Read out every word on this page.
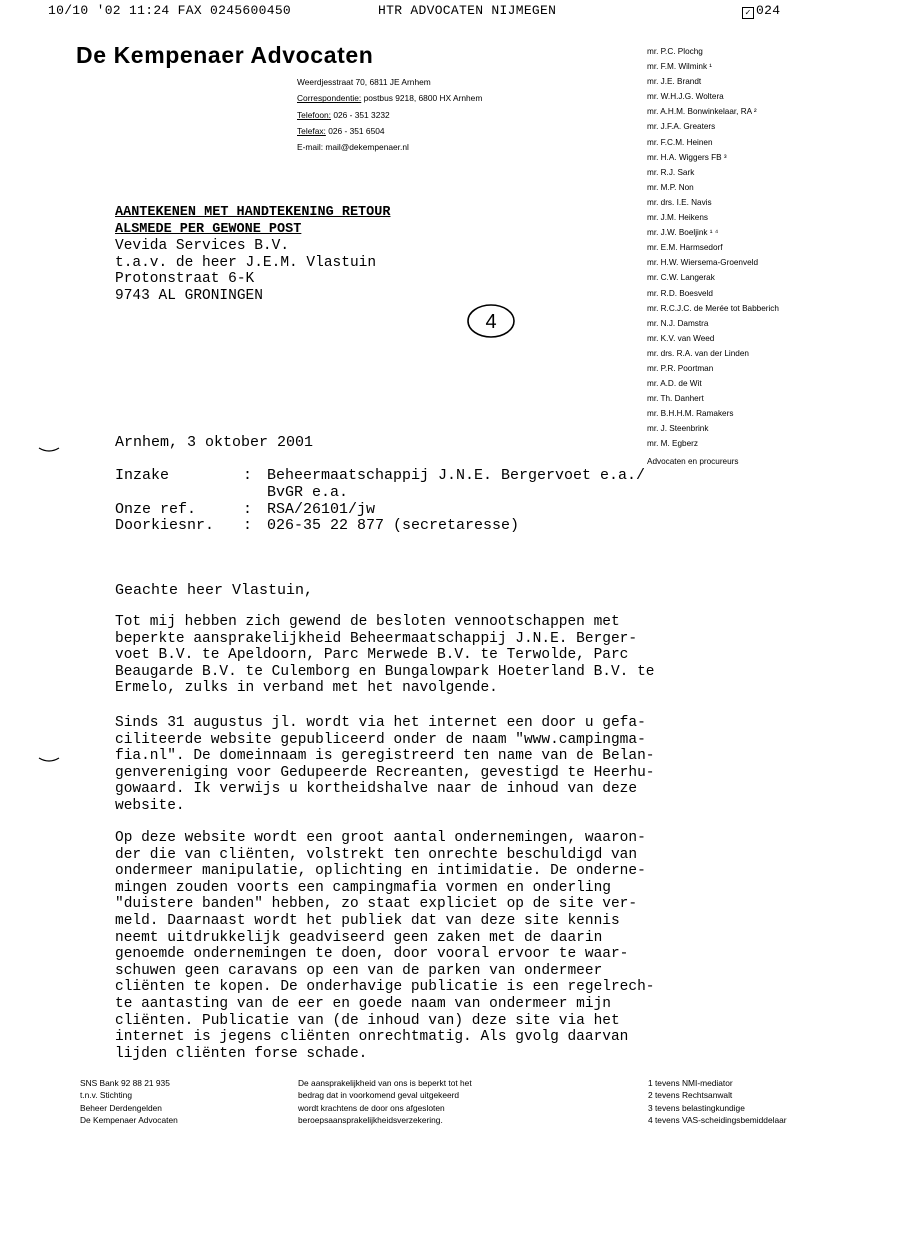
10/10 '02 11:24 FAX 0245600450	HTR ADVOCATEN NIJMEGEN	✓ 024
De Kempenaer Advocaten
Weerdjesstraat 70, 6811 JE Arnhem
Correspondentie: postbus 9218, 6800 HX Arnhem
Telefoon: 026 - 351 3232
Telefax: 026 - 351 6504
E-mail: mail@dekempenaer.nl
mr. P.C. Plochg
mr. F.M. Wilmink ¹
mr. J.E. Brandt
mr. W.H.J.G. Woltera
mr. A.H.M. Bonwinkelaar, RA ²
mr. J.F.A. Greaters
mr. F.C.M. Heinen
mr. H.A. Wiggers FB ³
mr. R.J. Sark
mr. M.P. Non
mr. drs. I.E. Navis
mr. J.M. Heikens
mr. J.W. Boeljink ¹ ⁴
mr. E.M. Harmsedorf
mr. H.W. Wiersema-Groenveld
mr. C.W. Langerak
mr. R.D. Boesveld
mr. R.C.J.C. de Merée tot Babberich
mr. N.J. Damstra
mr. K.V. van Weed
mr. drs. R.A. van der Linden
mr. P.R. Poortman
mr. A.D. de Wit
mr. Th. Danhert
mr. B.H.H.M. Ramakers
mr. J. Steenbrink
mr. M. Egberz
Advocaten en procureurs
AANTEKENEN MET HANDTEKENING RETOUR
ALSMEDE PER GEWONE POST
Vevida Services B.V.
t.a.v. de heer J.E.M. Vlastuin
Protonstraat 6-K
9743 AL GRONINGEN
4
Arnhem, 3 oktober 2001
Inzake	:	Beheermaatschappij J.N.E. Bergervoet e.a./
BvGR e.a.

Onze ref.	:	RSA/26101/jw
Doorkiesnr.	:	026-35 22 877 (secretaresse)
Geachte heer Vlastuin,
Tot mij hebben zich gewend de besloten vennootschappen met
beperkte aansprakelijkheid Beheermaatschappij J.N.E. Berger-
voet B.V. te Apeldoorn, Parc Merwede B.V. te Terwolde, Parc
Beaugarde B.V. te Culemborg en Bungalowpark Hoeterland B.V. te
Ermelo, zulks in verband met het navolgende.
Sinds 31 augustus jl. wordt via het internet een door u gefa-
ciliteerde website gepubliceerd onder de naam "www.campingma-
fia.nl". De domeinnaam is geregistreerd ten name van de Belan-
genvereniging voor Gedupeerde Recreanten, gevestigd te Heerhu-
gowaard. Ik verwijs u kortheidshalve naar de inhoud van deze
website.
Op deze website wordt een groot aantal ondernemingen, waaron-
der die van cliënten, volstrekt ten onrechte beschuldigd van
ondermeer manipulatie, oplichting en intimidatie. De onderne-
mingen zouden voorts een campingmafia vormen en onderling
"duistere banden" hebben, zo staat expliciet op de site ver-
meld. Daarnaast wordt het publiek dat van deze site kennis
neemt uitdrukkelijk geadviseerd geen zaken met de daarin
genoemde ondernemingen te doen, door vooral ervoor te waar-
schuwen geen caravans op een van de parken van ondermeer
cliënten te kopen. De onderhavige publicatie is een regelrech-
te aantasting van de eer en goede naam van ondermeer mijn
cliënten. Publicatie van (de inhoud van) deze site via het
internet is jegens cliënten onrechtmatig. Als gvolg daarvan
lijden cliënten forse schade.
SNS Bank 92 88 21 935
t.n.v. Stichting
Beheer Derdengelden
De Kempenaer Advocaten
De aansprakelijkheid van ons is beperkt tot het
bedrag dat in voorkomend geval uitgekeerd
wordt krachtens de door ons afgesloten
beroepsaansprakelijkheidsverzekering.
1 tevens NMI-mediator
2 tevens Rechtsanwalt
3 tevens belastingkundige
4 tevens VAS-scheidingsbemiddelaar
